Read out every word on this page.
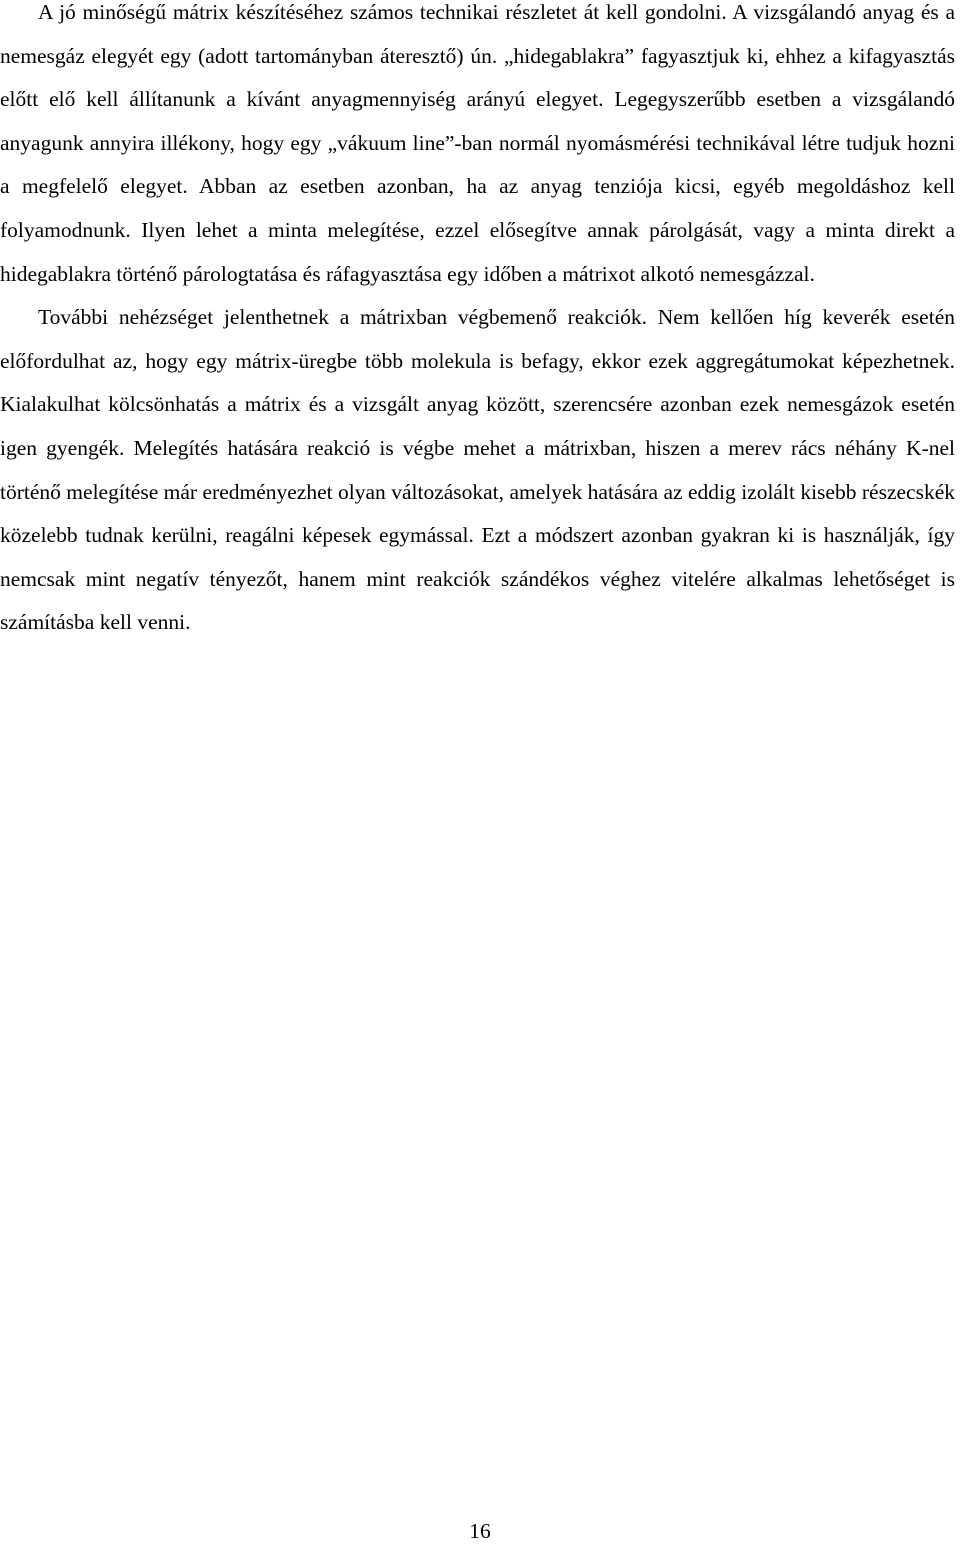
A jó minőségű mátrix készítéséhez számos technikai részletet át kell gondolni. A vizsgálandó anyag és a nemesgáz elegyét egy (adott tartományban áteresztő) ún. „hidegablakra” fagyasztjuk ki, ehhez a kifagyasztás előtt elő kell állítanunk a kívánt anyagmennyiség arányú elegyet. Legegyszerűbb esetben a vizsgálandó anyagunk annyira illékony, hogy egy „vákuum line”-ban normál nyomásmérési technikával létre tudjuk hozni a megfelelő elegyet. Abban az esetben azonban, ha az anyag tenziója kicsi, egyéb megoldáshoz kell folyamodnunk. Ilyen lehet a minta melegítése, ezzel elősegítve annak párolgását, vagy a minta direkt a hidegablakra történő párologtatása és ráfagyasztása egy időben a mátrixot alkotó nemesgázzal.

További nehézséget jelenthetnek a mátrixban végbemenő reakciók. Nem kellően híg keverék esetén előfordulhat az, hogy egy mátrix-üregbe több molekula is befagy, ekkor ezek aggregátumokat képezhetnek. Kialakulhat kölcsönhatás a mátrix és a vizsgált anyag között, szerencsére azonban ezek nemesgázok esetén igen gyengék. Melegítés hatására reakció is végbe mehet a mátrixban, hiszen a merev rács néhány K-nel történő melegítése már eredményezhet olyan változásokat, amelyek hatására az eddig izolált kisebb részecskék közelebb tudnak kerülni, reagálni képesek egymással. Ezt a módszert azonban gyakran ki is használják, így nemcsak mint negatív tényezőt, hanem mint reakciók szándékos véghez vitelére alkalmas lehetőséget is számításba kell venni.

16
